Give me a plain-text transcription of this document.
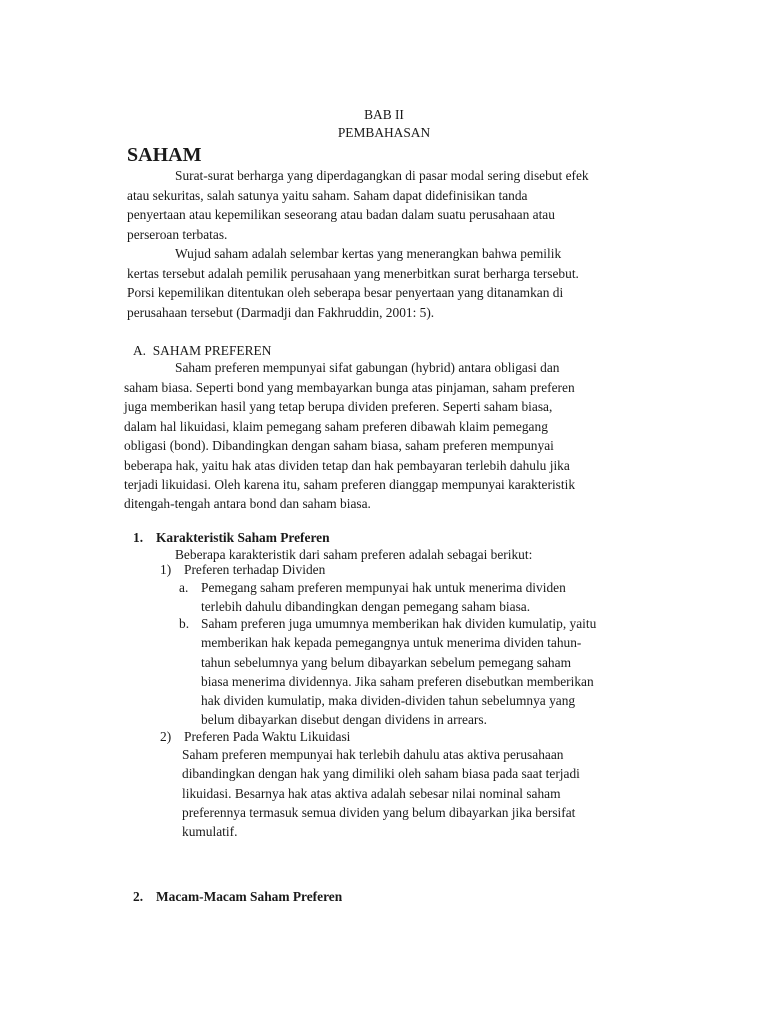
BAB II
PEMBAHASAN
SAHAM
Surat-surat berharga yang diperdagangkan di pasar modal sering disebut efek
atau sekuritas, salah satunya yaitu saham. Saham dapat didefinisikan tanda
penyertaan atau kepemilikan seseorang atau badan dalam suatu perusahaan atau
perseroan terbatas.
Wujud saham adalah selembar kertas yang menerangkan bahwa pemilik
kertas tersebut adalah pemilik perusahaan yang menerbitkan surat berharga tersebut.
Porsi kepemilikan ditentukan oleh seberapa besar penyertaan yang ditanamkan di
perusahaan tersebut (Darmadji dan Fakhruddin, 2001: 5).
A.  SAHAM PREFEREN
Saham preferen mempunyai sifat gabungan (hybrid) antara obligasi dan
saham biasa. Seperti bond yang membayarkan bunga atas pinjaman, saham preferen
juga memberikan hasil yang tetap berupa dividen preferen. Seperti saham biasa,
dalam hal likuidasi, klaim pemegang saham preferen dibawah klaim pemegang
obligasi (bond). Dibandingkan dengan saham biasa, saham preferen mempunyai
beberapa hak, yaitu hak atas dividen tetap dan hak pembayaran terlebih dahulu jika
terjadi likuidasi. Oleh karena itu, saham preferen dianggap mempunyai karakteristik
ditengah-tengah antara bond dan saham biasa.
1. Karakteristik Saham Preferen
Beberapa karakteristik dari saham preferen adalah sebagai berikut:
1) Preferen terhadap Dividen
a. Pemegang saham preferen mempunyai hak untuk menerima dividen
terlebih dahulu dibandingkan dengan pemegang saham biasa.
b. Saham preferen juga umumnya memberikan hak dividen kumulatip, yaitu
memberikan hak kepada pemegangnya untuk menerima dividen tahun-
tahun sebelumnya yang belum dibayarkan sebelum pemegang saham
biasa menerima dividennya. Jika saham preferen disebutkan memberikan
hak dividen kumulatip, maka dividen-dividen tahun sebelumnya yang
belum dibayarkan disebut dengan dividens in arrears.
2) Preferen Pada Waktu Likuidasi
Saham preferen mempunyai hak terlebih dahulu atas aktiva perusahaan
dibandingkan dengan hak yang dimiliki oleh saham biasa pada saat terjadi
likuidasi. Besarnya hak atas aktiva adalah sebesar nilai nominal saham
preferennya termasuk semua dividen yang belum dibayarkan jika bersifat
kumulatif.
2. Macam-Macam Saham Preferen
